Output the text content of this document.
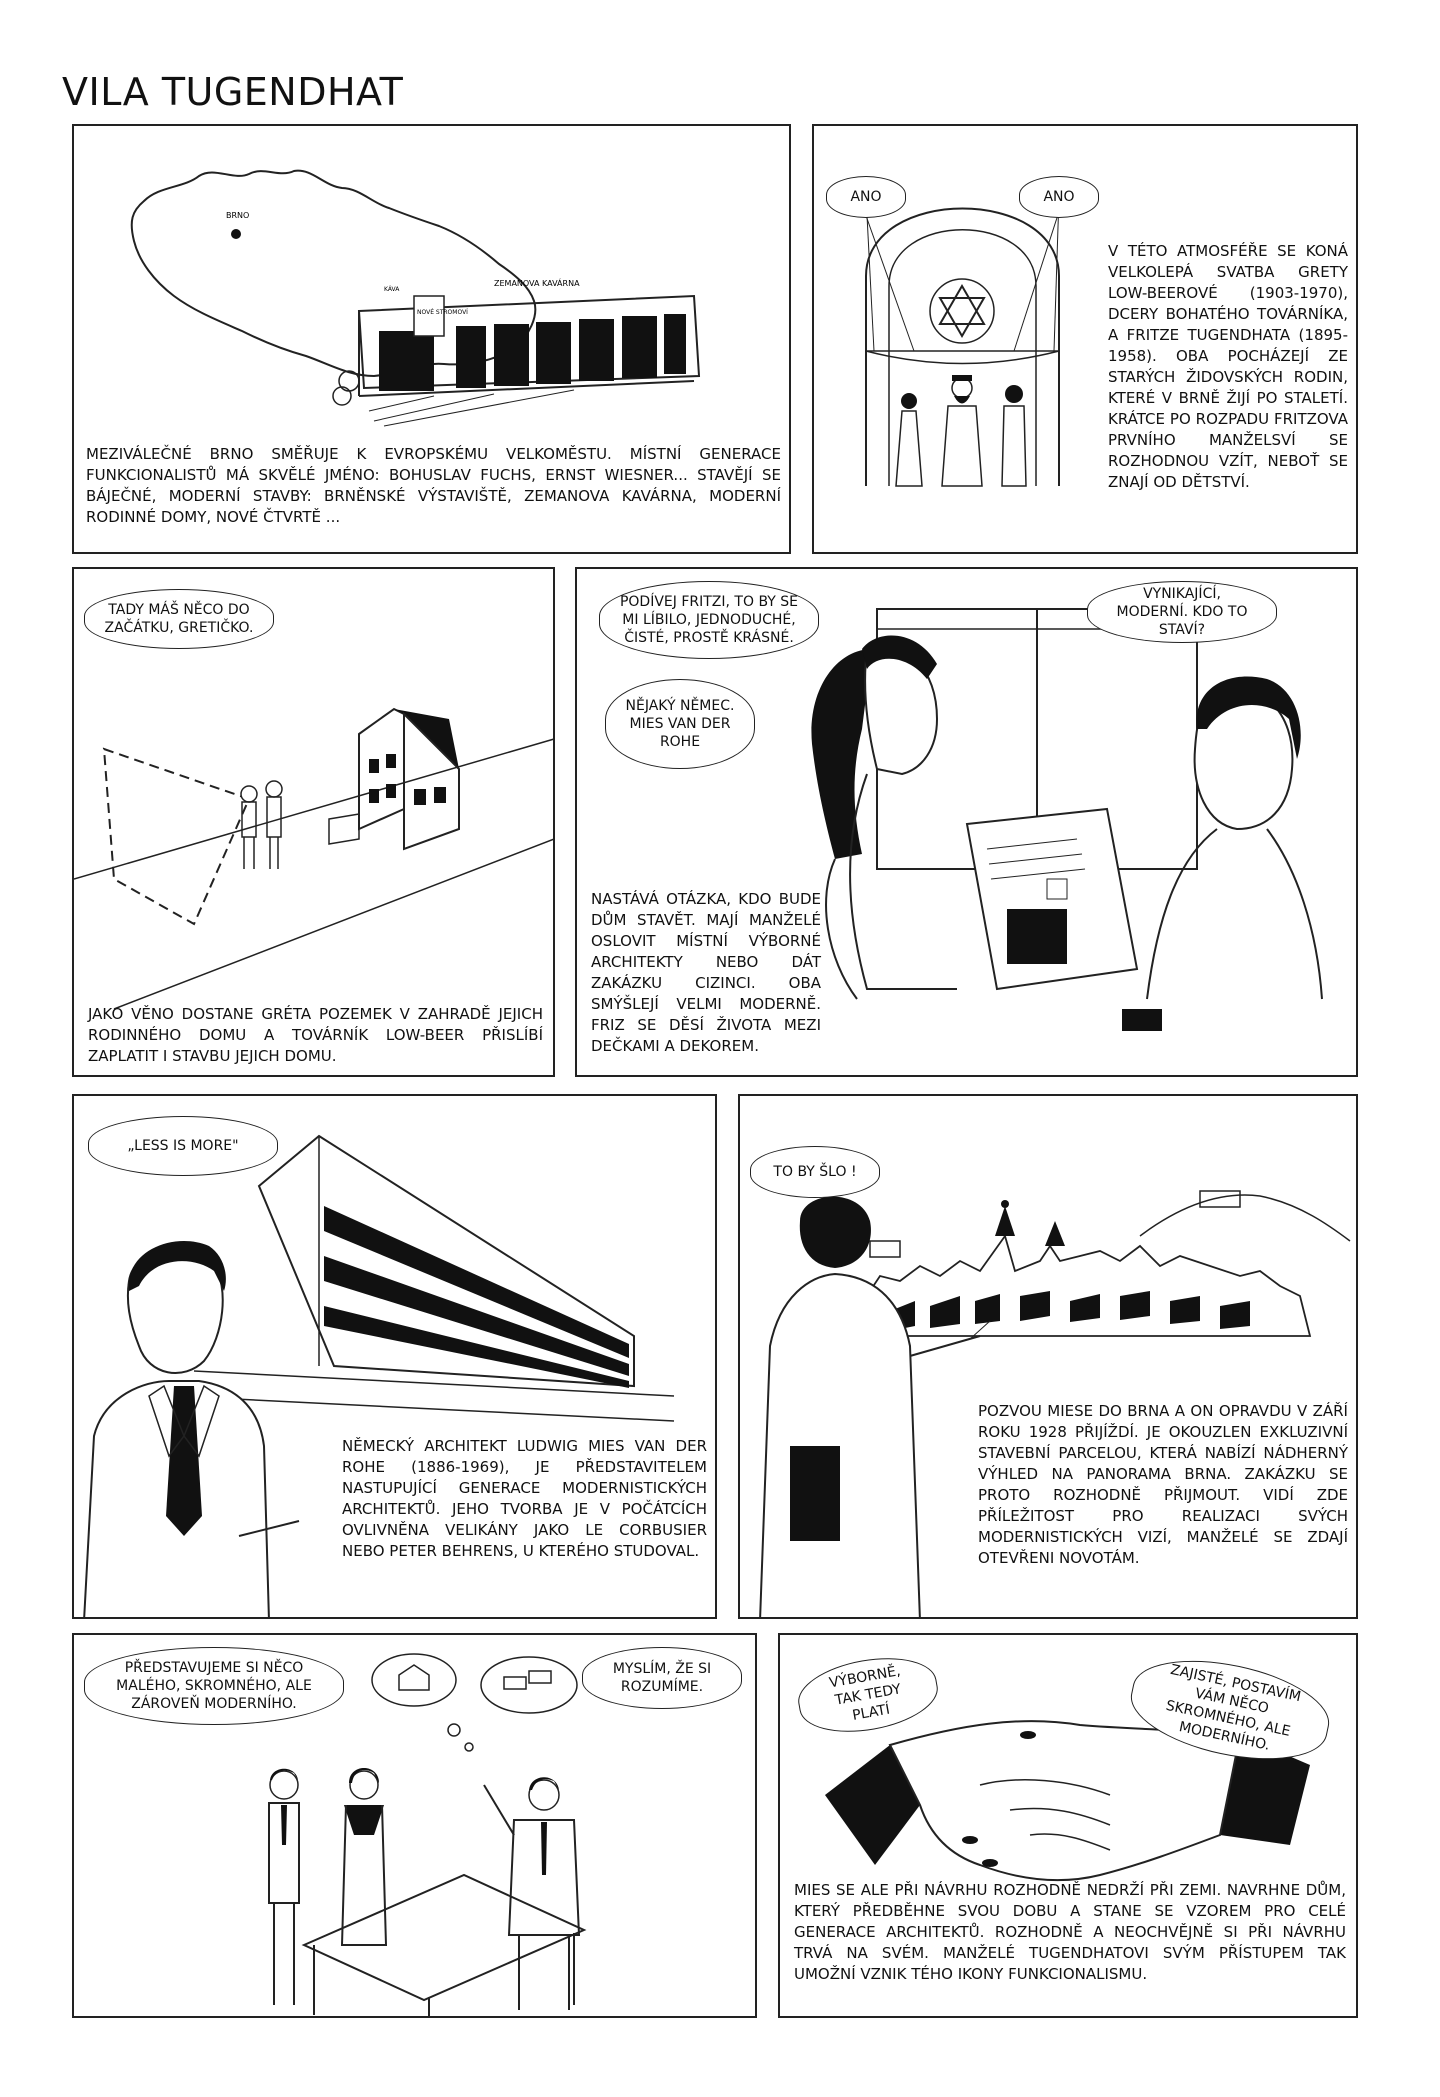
VILA TUGENDHAT
BRNO
ZEMANOVA KAVÁRNA
NOVÉ STROMOVÍ
KÁVA
MEZIVÁLEČNÉ BRNO SMĚŘUJE K EVROPSKÉMU VELKOMĚSTU. MÍSTNÍ GENERACE FUNKCIONALISTŮ MÁ SKVĚLÉ JMÉNO: BOHUSLAV FUCHS, ERNST WIESNER... STAVĚJÍ SE BÁJEČNÉ, MODERNÍ STAVBY: BRNĚNSKÉ VÝSTAVIŠTĚ, ZEMANOVA KAVÁRNA, MODERNÍ RODINNÉ DOMY, NOVÉ ČTVRTĚ ...
ANO	ANO
V TÉTO ATMOSFÉŘE SE KONÁ VELKOLEPÁ SVATBA GRETY LOW-BEEROVÉ (1903-1970), DCERY BOHATÉHO TOVÁRNÍKA, A FRITZE TUGENDHATA (1895-1958). OBA POCHÁZEJÍ ZE STARÝCH ŽIDOVSKÝCH RODIN, KTERÉ V BRNĚ ŽIJÍ PO STALETÍ. KRÁTCE PO ROZPADU FRITZOVA PRVNÍHO MANŽELSVÍ SE ROZHODNOU VZÍT, NEBOŤ SE ZNAJÍ OD DĚTSTVÍ.
TADY MÁŠ NĚCO DO ZAČÁTKU, GRETIČKO.
JAKO VĚNO DOSTANE GRÉTA POZEMEK V ZAHRADĚ JEJICH RODINNÉHO DOMU A TOVÁRNÍK LOW-BEER PŘISLÍBÍ ZAPLATIT I STAVBU JEJICH DOMU.
PODÍVEJ FRITZI, TO BY SE MI LÍBILO, JEDNODUCHÉ, ČISTÉ, PROSTĚ KRÁSNÉ.
VYNIKAJÍCÍ, MODERNÍ. KDO TO STAVÍ?
NĚJAKÝ NĚMEC. MIES VAN DER ROHE
NASTÁVÁ OTÁZKA, KDO BUDE DŮM STAVĚT. MAJÍ MANŽELÉ OSLOVIT MÍSTNÍ VÝBORNÉ ARCHITEKTY NEBO DÁT ZAKÁZKU CIZINCI. OBA SMÝŠLEJÍ VELMI MODERNĚ. FRIZ SE DĚSÍ ŽIVOTA MEZI DEČKAMI A DEKOREM.
„LESS IS MORE"
NĚMECKÝ ARCHITEKT LUDWIG MIES VAN DER ROHE (1886-1969), JE PŘEDSTAVITELEM NASTUPUJÍCÍ GENERACE MODERNISTICKÝCH ARCHITEKTŮ. JEHO TVORBA JE V POČÁTCÍCH OVLIVNĚNA VELIKÁNY JAKO LE CORBUSIER NEBO PETER BEHRENS, U KTERÉHO STUDOVAL.
TO BY ŠLO !
POZVOU MIESE DO BRNA A ON OPRAVDU V ZÁŘÍ ROKU 1928 PŘIJÍŽDÍ. JE OKOUZLEN EXKLUZIVNÍ STAVEBNÍ PARCELOU, KTERÁ NABÍZÍ NÁDHERNÝ VÝHLED NA PANORAMA BRNA. ZAKÁZKU SE PROTO ROZHODNĚ PŘIJMOUT. VIDÍ ZDE PŘÍLEŽITOST PRO REALIZACI SVÝCH MODERNISTICKÝCH VIZÍ, MANŽELÉ SE ZDAJÍ OTEVŘENI NOVOTÁM.
PŘEDSTAVUJEME SI NĚCO MALÉHO, SKROMNÉHO, ALE ZÁROVEŇ MODERNÍHO.
MYSLÍM, ŽE SI ROZUMÍME.	VÝBORNĚ, TAK TEDY PLATÍ
ZAJISTÉ, POSTAVÍM VÁM NĚCO SKROMNÉHO, ALE MODERNÍHO.
MIES SE ALE PŘI NÁVRHU ROZHODNĚ NEDRŽÍ PŘI ZEMI. NAVRHNE DŮM, KTERÝ PŘEDBĚHNE SVOU DOBU A STANE SE VZOREM PRO CELÉ GENERACE ARCHITEKTŮ. ROZHODNĚ A NEOCHVĚJNĚ SI PŘI NÁVRHU TRVÁ NA SVÉM. MANŽELÉ TUGENDHATOVI SVÝM PŘÍSTUPEM TAK UMOŽNÍ VZNIK TÉHO IKONY FUNKCIONALISMU.
